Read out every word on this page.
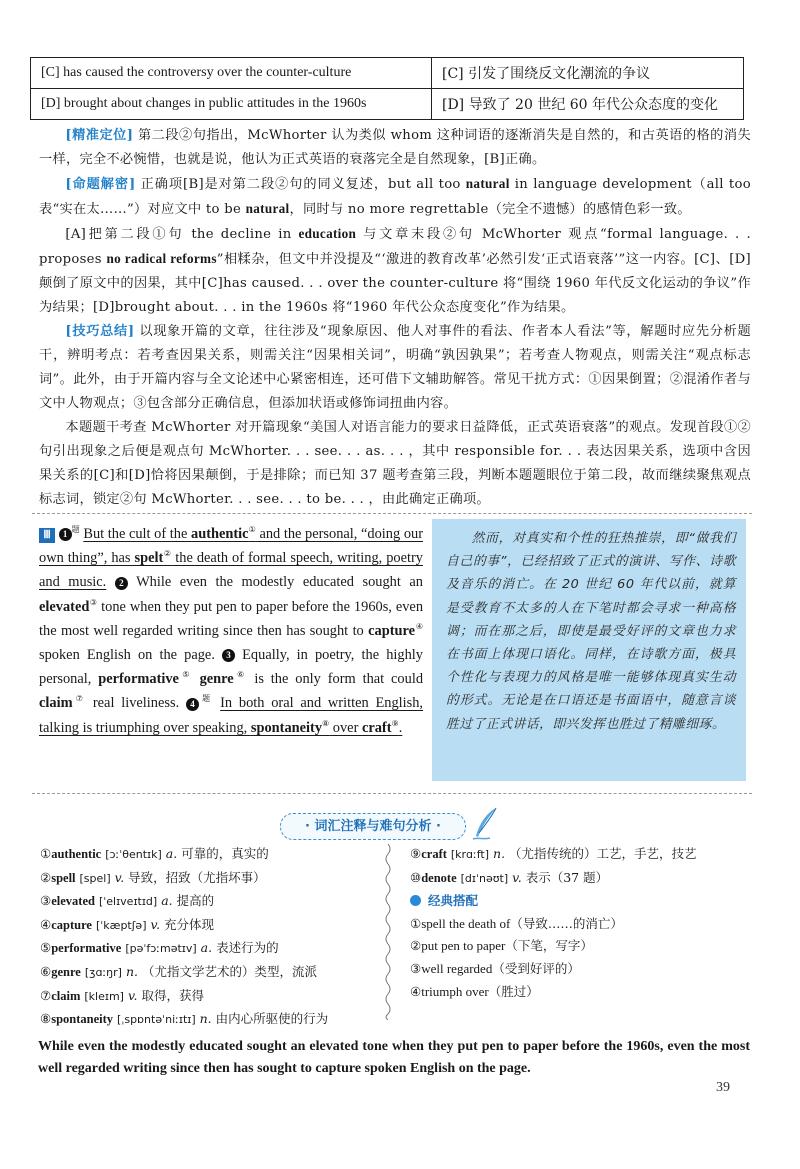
[C] has caused the controversy over the counter-culture	[C] 引发了围绕反文化潮流的争议
[D] brought about changes in public attitudes in the 1960s	[D] 导致了 20 世纪 60 年代公众态度的变化

[精准定位] 第二段②句指出，McWhorter 认为类似 whom 这种词语的逐渐消失是自然的，和古英语的格的消失一样，完全不必惋惜，也就是说，他认为正式英语的衰落完全是自然现象，[B]正确。

[命题解密] 正确项[B]是对第二段②句的同义复述，but all too natural in language development（all too 表“实在太……”）对应文中 to be natural，同时与 no more regrettable（完全不遗憾）的感情色彩一致。

[A]把第二段①句 the decline in education 与文章末段②句 McWhorter 观点“formal language. . . proposes no radical reforms”相糅杂，但文中并没提及“‘激进的教育改革’必然引发‘正式语衰落’”这一内容。[C]、[D]颠倒了原文中的因果，其中[C]has caused. . . over the counter-culture 将“围绕 1960 年代反文化运动的争议”作为结果；[D]brought about. . . in the 1960s 将“1960 年代公众态度变化”作为结果。

[技巧总结] 以现象开篇的文章，往往涉及“现象原因、他人对事件的看法、作者本人看法”等，解题时应先分析题干，辨明考点：若考查因果关系，则需关注“因果相关词”，明确“孰因孰果”；若考查人物观点，则需关注“观点标志词”。此外，由于开篇内容与全文论述中心紧密相连，还可借下文辅助解答。常见干扰方式：①因果倒置；②混淆作者与文中人物观点；③包含部分正确信息，但添加状语或修饰词扭曲内容。

本题题干考查 McWhorter 对开篇现象“美国人对语言能力的要求日益降低，正式英语衰落”的观点。发现首段①②句引出现象之后便是观点句 McWhorter. . . see. . . as. . . ，其中 responsible for. . . 表达因果关系，选项中含因果关系的[C]和[D]恰将因果颠倒，于是排除；而已知 37 题考查第三段，判断本题题眼位于第二段，故而继续聚焦观点标志词，锁定②句 McWhorter. . . see. . . to be. . . ，由此确定正确项。

Ⅲ 1 $^题$ But the cult of the authentic① and the personal, “doing our own thing”, has spelt② the death of formal speech, writing, poetry and music. 2 While even the modestly educated sought an elevated③ tone when they put pen to paper before the 1960s, even the most well regarded writing since then has sought to capture④ spoken English on the page. 3 Equally, in poetry, the highly personal, performative⑤ genre⑥ is the only form that could claim⑦ real liveliness. 4 $^题$ In both oral and written English, talking is triumphing over speaking, spontaneity⑧ over craft⑨.

然而，对真实和个性的狂热推崇，即“做我们自己的事”，已经招致了正式的演讲、写作、诗歌及音乐的消亡。在 20 世纪 60 年代以前，就算是受教育不太多的人在下笔时都会寻求一种高格调；而在那之后，即使是最受好评的文章也力求在书面上体现口语化。同样，在诗歌方面，极具个性化与表现力的风格是唯一能够体现真实生动的形式。无论是在口语还是书面语中，随意言谈胜过了正式讲话，即兴发挥也胜过了精雕细琢。

· 词汇注释与难句分析 ·
①authentic [ɔːˈθentɪk] a. 可靠的，真实的
②spell [spel] v. 导致，招致（尤指坏事）
③elevated [ˈelɪveɪtɪd] a. 提高的
④capture [ˈkæptʃə] v. 充分体现
⑤performative [pəˈfɔːmətɪv] a. 表述行为的
⑥genre [ʒɑːŋr] n. （尤指文学艺术的）类型，流派
⑦claim [kleɪm] v. 取得，获得
⑧spontaneity [ˌspɒntəˈniːɪtɪ] n. 由内心所驱使的行为
⑨craft [krɑːft] n. （尤指传统的）工艺，手艺，技艺
⑩denote [dɪˈnəʊt] v. 表示（37 题）
经典搭配
①spell the death of（导致……的消亡）
②put pen to paper（下笔，写字）
③well regarded（受到好评的）
④triumph over（胜过）
While even the modestly educated sought an elevated tone when they put pen to paper before the 1960s, even the most well regarded writing since then has sought to capture spoken English on the page.
39
